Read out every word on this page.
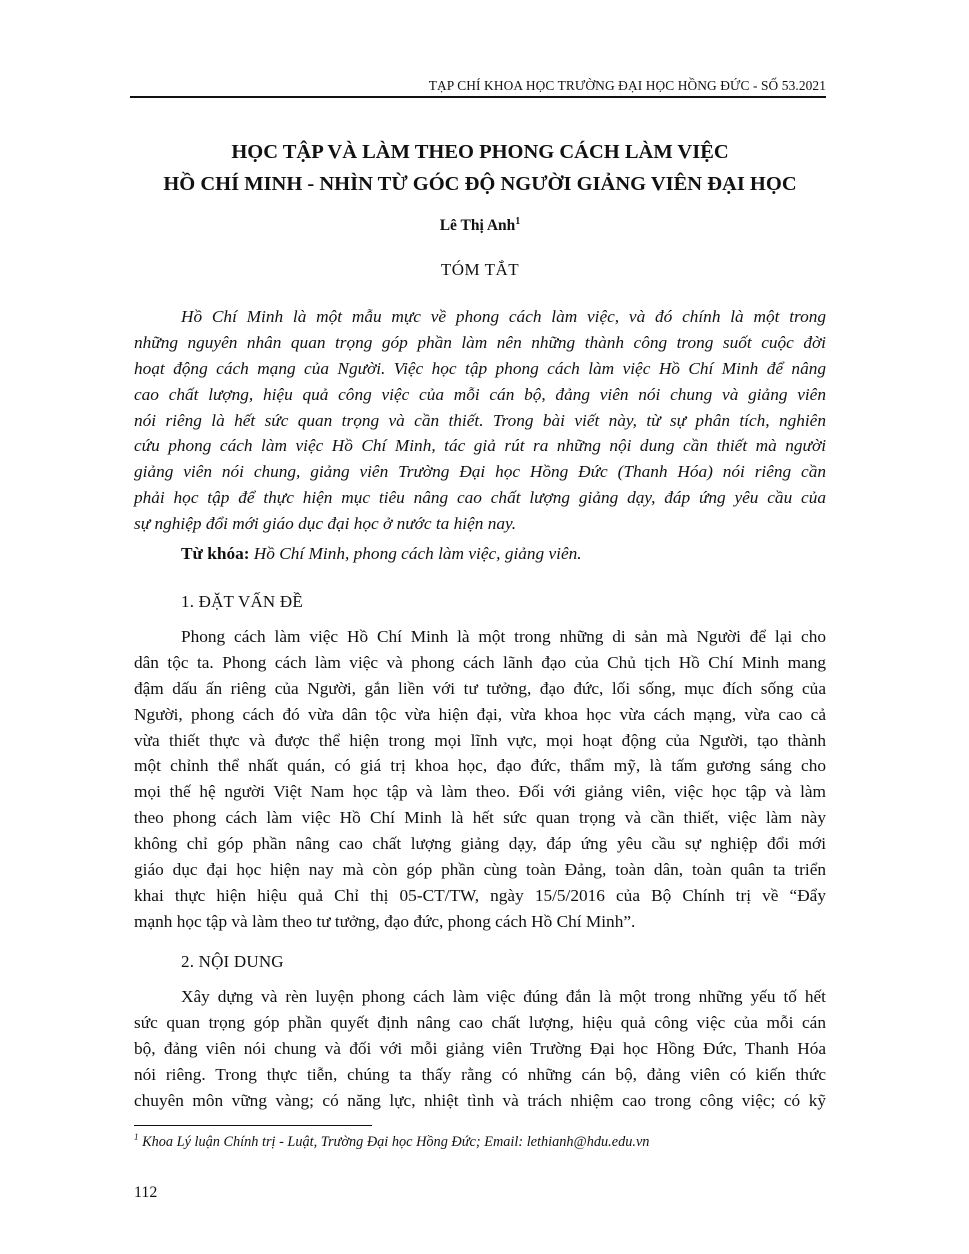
TẠP CHÍ KHOA HỌC TRƯỜNG ĐẠI HỌC HỒNG ĐỨC - SỐ 53.2021
HỌC TẬP VÀ LÀM THEO PHONG CÁCH LÀM VIỆC
HỒ CHÍ MINH - NHÌN TỪ GÓC ĐỘ NGƯỜI GIẢNG VIÊN ĐẠI HỌC
Lê Thị Anh$^1$
TÓM TẮT
Hồ Chí Minh là một mẫu mực về phong cách làm việc, và đó chính là một trong
những nguyên nhân quan trọng góp phần làm nên những thành công trong suốt cuộc đời
hoạt động cách mạng của Người. Việc học tập phong cách làm việc Hồ Chí Minh để nâng
cao chất lượng, hiệu quả công việc của mỗi cán bộ, đảng viên nói chung và giảng viên
nói riêng là hết sức quan trọng và cần thiết. Trong bài viết này, từ sự phân tích, nghiên
cứu phong cách làm việc Hồ Chí Minh, tác giả rút ra những nội dung cần thiết mà người
giảng viên nói chung, giảng viên Trường Đại học Hồng Đức (Thanh Hóa) nói riêng cần
phải học tập để thực hiện mục tiêu nâng cao chất lượng giảng dạy, đáp ứng yêu cầu của
sự nghiệp đổi mới giáo dục đại học ở nước ta hiện nay.
Từ khóa: Hồ Chí Minh, phong cách làm việc, giảng viên.
1. ĐẶT VẤN ĐỀ
Phong cách làm việc Hồ Chí Minh là một trong những di sản mà Người để lại cho
dân tộc ta. Phong cách làm việc và phong cách lãnh đạo của Chủ tịch Hồ Chí Minh mang
đậm dấu ấn riêng của Người, gắn liền với tư tưởng, đạo đức, lối sống, mục đích sống của
Người, phong cách đó vừa dân tộc vừa hiện đại, vừa khoa học vừa cách mạng, vừa cao cả
vừa thiết thực và được thể hiện trong mọi lĩnh vực, mọi hoạt động của Người, tạo thành
một chỉnh thể nhất quán, có giá trị khoa học, đạo đức, thẩm mỹ, là tấm gương sáng cho
mọi thế hệ người Việt Nam học tập và làm theo. Đối với giảng viên, việc học tập và làm
theo phong cách làm việc Hồ Chí Minh là hết sức quan trọng và cần thiết, việc làm này
không chỉ góp phần nâng cao chất lượng giảng dạy, đáp ứng yêu cầu sự nghiệp đổi mới
giáo dục đại học hiện nay mà còn góp phần cùng toàn Đảng, toàn dân, toàn quân ta triển
khai thực hiện hiệu quả Chỉ thị 05-CT/TW, ngày 15/5/2016 của Bộ Chính trị về “Đẩy
mạnh học tập và làm theo tư tưởng, đạo đức, phong cách Hồ Chí Minh”.
2. NỘI DUNG
Xây dựng và rèn luyện phong cách làm việc đúng đắn là một trong những yếu tố hết
sức quan trọng góp phần quyết định nâng cao chất lượng, hiệu quả công việc của mỗi cán
bộ, đảng viên nói chung và đối với mỗi giảng viên Trường Đại học Hồng Đức, Thanh Hóa
nói riêng. Trong thực tiễn, chúng ta thấy rằng có những cán bộ, đảng viên có kiến thức
chuyên môn vững vàng; có năng lực, nhiệt tình và trách nhiệm cao trong công việc; có kỹ
$^1$ Khoa Lý luận Chính trị - Luật, Trường Đại học Hồng Đức; Email: lethianh@hdu.edu.vn
112
